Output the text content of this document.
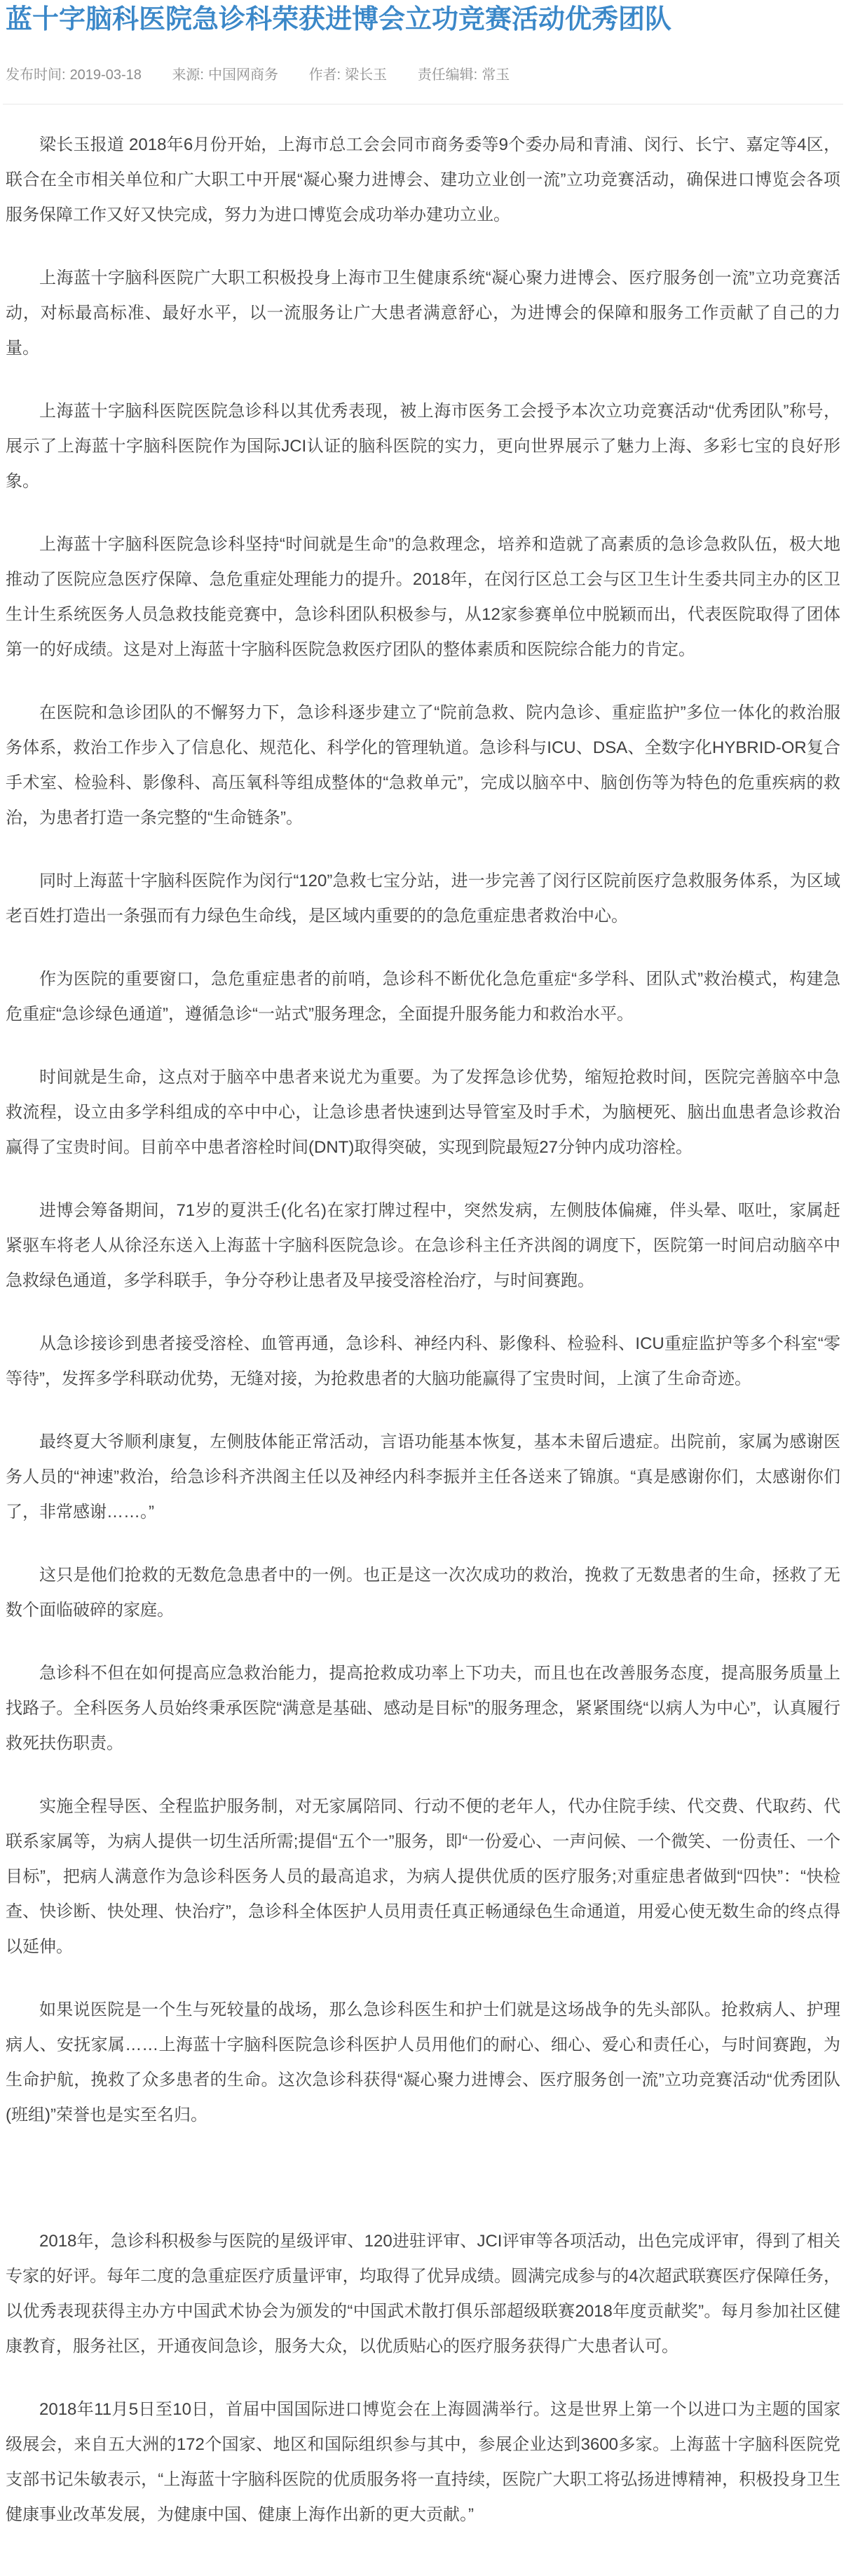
蓝十字脑科医院急诊科荣获进博会立功竞赛活动优秀团队
发布时间: 2019-03-18 来源: 中国网商务 作者: 梁长玉 责任编辑: 常玉

梁长玉报道 2018年6月份开始，上海市总工会会同市商务委等9个委办局和青浦、闵行、长宁、嘉定等4区，联合在全市相关单位和广大职工中开展“凝心聚力进博会、建功立业创一流”立功竞赛活动，确保进口博览会各项服务保障工作又好又快完成，努力为进口博览会成功举办建功立业。

上海蓝十字脑科医院广大职工积极投身上海市卫生健康系统“凝心聚力进博会、医疗服务创一流”立功竞赛活动，对标最高标准、最好水平，以一流服务让广大患者满意舒心，为进博会的保障和服务工作贡献了自己的力量。

上海蓝十字脑科医院医院急诊科以其优秀表现，被上海市医务工会授予本次立功竞赛活动“优秀团队”称号，展示了上海蓝十字脑科医院作为国际JCI认证的脑科医院的实力，更向世界展示了魅力上海、多彩七宝的良好形象。

上海蓝十字脑科医院急诊科坚持“时间就是生命”的急救理念，培养和造就了高素质的急诊急救队伍，极大地推动了医院应急医疗保障、急危重症处理能力的提升。2018年，在闵行区总工会与区卫生计生委共同主办的区卫生计生系统医务人员急救技能竞赛中，急诊科团队积极参与，从12家参赛单位中脱颖而出，代表医院取得了团体第一的好成绩。这是对上海蓝十字脑科医院急救医疗团队的整体素质和医院综合能力的肯定。

在医院和急诊团队的不懈努力下，急诊科逐步建立了“院前急救、院内急诊、重症监护”多位一体化的救治服务体系，救治工作步入了信息化、规范化、科学化的管理轨道。急诊科与ICU、DSA、全数字化HYBRID-OR复合手术室、检验科、影像科、高压氧科等组成整体的“急救单元”，完成以脑卒中、脑创伤等为特色的危重疾病的救治，为患者打造一条完整的“生命链条”。

同时上海蓝十字脑科医院作为闵行“120”急救七宝分站，进一步完善了闵行区院前医疗急救服务体系，为区域老百姓打造出一条强而有力绿色生命线，是区域内重要的的急危重症患者救治中心。

作为医院的重要窗口，急危重症患者的前哨，急诊科不断优化急危重症“多学科、团队式”救治模式，构建急危重症“急诊绿色通道”，遵循急诊“一站式”服务理念，全面提升服务能力和救治水平。

时间就是生命，这点对于脑卒中患者来说尤为重要。为了发挥急诊优势，缩短抢救时间，医院完善脑卒中急救流程，设立由多学科组成的卒中中心，让急诊患者快速到达导管室及时手术，为脑梗死、脑出血患者急诊救治赢得了宝贵时间。目前卒中患者溶栓时间(DNT)取得突破，实现到院最短27分钟内成功溶栓。

进博会筹备期间，71岁的夏洪壬(化名)在家打牌过程中，突然发病，左侧肢体偏瘫，伴头晕、呕吐，家属赶紧驱车将老人从徐泾东送入上海蓝十字脑科医院急诊。在急诊科主任齐洪阁的调度下，医院第一时间启动脑卒中急救绿色通道，多学科联手，争分夺秒让患者及早接受溶栓治疗，与时间赛跑。

从急诊接诊到患者接受溶栓、血管再通，急诊科、神经内科、影像科、检验科、ICU重症监护等多个科室“零等待”，发挥多学科联动优势，无缝对接，为抢救患者的大脑功能赢得了宝贵时间，上演了生命奇迹。

最终夏大爷顺利康复，左侧肢体能正常活动，言语功能基本恢复，基本未留后遗症。出院前，家属为感谢医务人员的“神速”救治，给急诊科齐洪阁主任以及神经内科李振并主任各送来了锦旗。“真是感谢你们，太感谢你们了，非常感谢……。”

这只是他们抢救的无数危急患者中的一例。也正是这一次次成功的救治，挽救了无数患者的生命，拯救了无数个面临破碎的家庭。

急诊科不但在如何提高应急救治能力，提高抢救成功率上下功夫，而且也在改善服务态度，提高服务质量上找路子。全科医务人员始终秉承医院“满意是基础、感动是目标”的服务理念，紧紧围绕“以病人为中心”，认真履行救死扶伤职责。

实施全程导医、全程监护服务制，对无家属陪同、行动不便的老年人，代办住院手续、代交费、代取药、代联系家属等，为病人提供一切生活所需;提倡“五个一”服务，即“一份爱心、一声问候、一个微笑、一份责任、一个目标”，把病人满意作为急诊科医务人员的最高追求，为病人提供优质的医疗服务;对重症患者做到“四快”：“快检查、快诊断、快处理、快治疗”，急诊科全体医护人员用责任真正畅通绿色生命通道，用爱心使无数生命的终点得以延伸。

如果说医院是一个生与死较量的战场，那么急诊科医生和护士们就是这场战争的先头部队。抢救病人、护理病人、安抚家属……上海蓝十字脑科医院急诊科医护人员用他们的耐心、细心、爱心和责任心，与时间赛跑，为生命护航，挽救了众多患者的生命。这次急诊科获得“凝心聚力进博会、医疗服务创一流”立功竞赛活动“优秀团队(班组)”荣誉也是实至名归。

2018年，急诊科积极参与医院的星级评审、120进驻评审、JCI评审等各项活动，出色完成评审，得到了相关专家的好评。每年二度的急重症医疗质量评审，均取得了优异成绩。圆满完成参与的4次超武联赛医疗保障任务，以优秀表现获得主办方中国武术协会为颁发的“中国武术散打俱乐部超级联赛2018年度贡献奖”。每月参加社区健康教育，服务社区，开通夜间急诊，服务大众，以优质贴心的医疗服务获得广大患者认可。

2018年11月5日至10日，首届中国国际进口博览会在上海圆满举行。这是世界上第一个以进口为主题的国家级展会，来自五大洲的172个国家、地区和国际组织参与其中，参展企业达到3600多家。上海蓝十字脑科医院党支部书记朱敏表示，“上海蓝十字脑科医院的优质服务将一直持续，医院广大职工将弘扬进博精神，积极投身卫生健康事业改革发展，为健康中国、健康上海作出新的更大贡献。”
